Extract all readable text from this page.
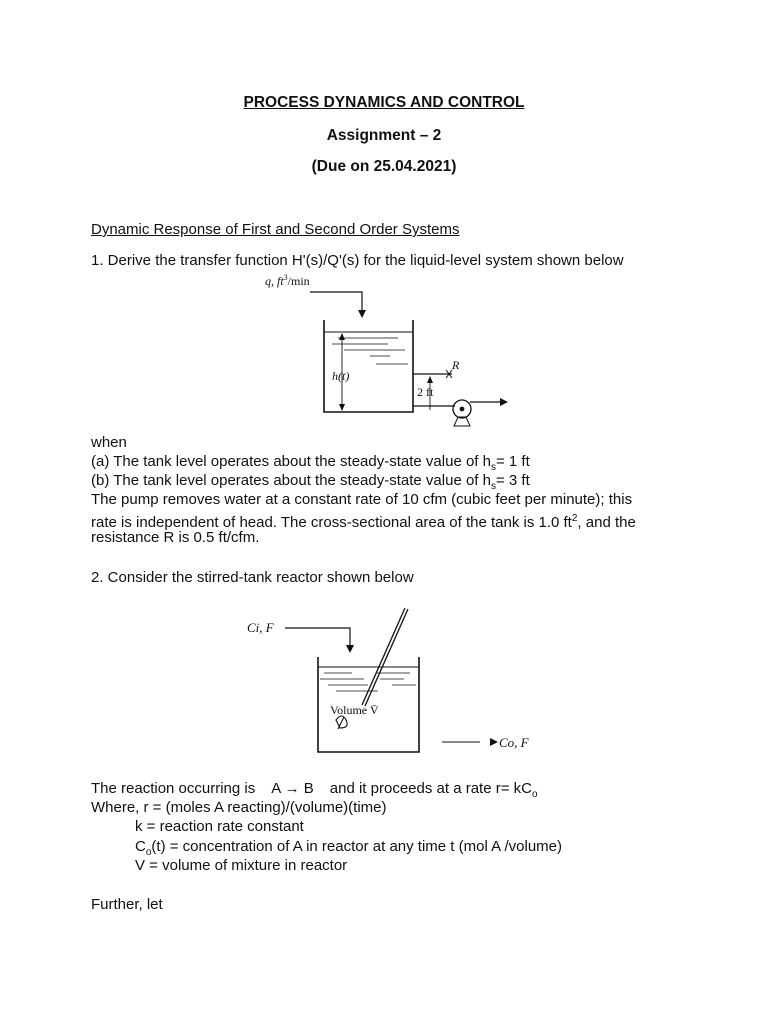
PROCESS DYNAMICS AND CONTROL
Assignment – 2
(Due on 25.04.2021)
Dynamic Response of First and Second Order Systems
1. Derive the transfer function H'(s)/Q'(s) for the liquid-level system shown below
q, $ft^3/\min$
h(t)
R
2 ft
when
(a) The tank level operates about the steady-state value of $h_s= 1$ ft
(b) The tank level operates about the steady-state value of $h_s= 3$ ft
The pump removes water at a constant rate of 10 cfm (cubic feet per minute); this
rate is independent of head. The cross-sectional area of the tank is 1.0 $ft^2$, and the
resistance R is 0.5 ft/cfm.
2. Consider the stirred-tank reactor shown below
Ci, F
Volume V̄
Co, F
The reaction occurring is A → B and it proceeds at a rate $r= kC_o$
Where, r = (moles A reacting)/(volume)(time)
k = reaction rate constant
$C_o(t)$ = concentration of A in reactor at any time t (mol A /volume)
V = volume of mixture in reactor
Further, let
